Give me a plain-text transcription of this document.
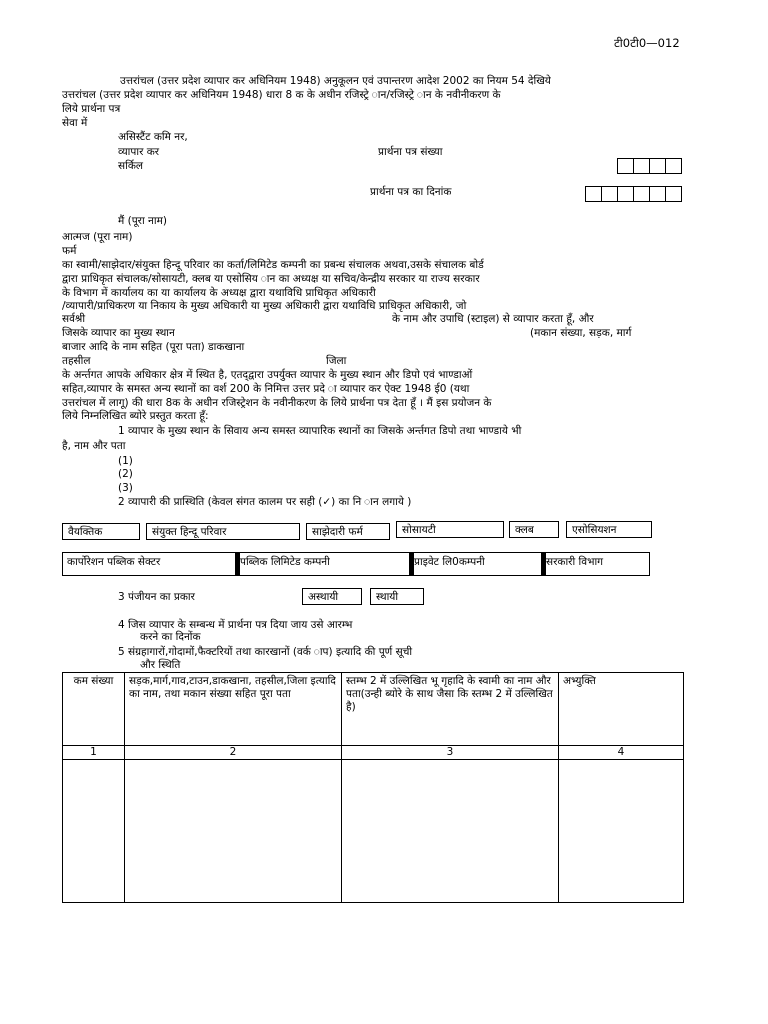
टी0टी0—012
उत्तरांचल (उत्तर प्रदेश व्यापार कर अधिनियम 1948) अनुकूलन एवं उपान्तरण आदेश 2002 का नियम 54 देखिये
उत्तरांचल (उत्तर प्रदेश व्यापार कर अधिनियम 1948) धारा 8 क के अधीन रजिस्ट्रे ान/रजिस्ट्रे ान के नवीनीकरण के
लिये प्रार्थना पत्र
सेवा में
असिस्टैंट कमि नर,
व्यापार कर
सर्किल
प्रार्थना पत्र संख्या
प्रार्थना पत्र का दिनांक
मैं (पूरा नाम)
आत्मज (पूरा नाम)
फर्म
का स्वामी/साझेदार/संयुक्त हिन्दू परिवार का कर्ता/लिमिटेड कम्पनी का प्रबन्ध संचालक अथवा,उसके संचालक बोर्ड
द्वारा प्राधिकृत संचालक/सोसायटी, क्लब या एसोसिय ान का अध्यक्ष या सचिव/केन्द्रीय सरकार या राज्य सरकार
के विभाग में कार्यालय का या कार्यालय के अध्यक्ष द्वारा यथाविधि प्राधिकृत अधिकारी
/व्यापारी/प्राधिकरण या निकाय के मुख्य अधिकारी या मुख्य अधिकारी द्वारा यथाविधि प्राधिकृत अधिकारी, जो
सर्वश्री	के नाम और उपाधि (स्टाइल) से व्यापार करता हूँ, और
जिसके व्यापार का मुख्य स्थान	(मकान संख्या, सड़क, मार्ग
बाजार आदि के नाम सहित (पूरा पता) डाकखाना
तहसील	जिला
के अर्न्तगत आपके अधिकार क्षेत्र में स्थित है, एतद्‌द्वारा उपर्युक्त व्यापार के मुख्य स्थान और डिपो एवं भाण्डाओं
सहित,व्यापार के समस्त अन्य स्थानों का वर्श 200 के निमित्त उत्तर प्रदे ा व्यापार कर ऐक्ट 1948 ई0 (यथा
उत्तरांचल में लागू) की धारा 8क के अधीन रजिस्ट्रेशन के नवीनीकरण के लिये प्रार्थना पत्र देता हूँ । मैं इस प्रयोजन के
लिये निम्नलिखित ब्योरे प्रस्तुत करता हूँ:
1 व्यापार के मुख्य स्थान के सिवाय अन्य समस्त व्यापारिक स्थानों का जिसके अर्न्तगत डिपो तथा भाण्डाये भी
है, नाम और पता
(1)
(2)
(3)
2 व्यापारी की प्रास्थिति (केवल संगत कालम पर सही (✓) का नि ान लगाये )
वैयक्तिक	संयुक्त हिन्दू परिवार	साझेदारी फर्म	सोसायटी	क्लब	एसोसियशन
कार्पोरेशन पब्लिक सेक्टर	पब्लिक लिमिटेड कम्पनी	प्राइवेट लि0कम्पनी	सरकारी विभाग
3 पंजीयन का प्रकार	अस्थायी	स्थायी
4 जिस व्यापार के सम्बन्ध में प्रार्थना पत्र दिया जाय उसे आरम्भ
करने का दिनोंक
5 संग्रहागारों,गोदामों,फैक्टरियों तथा कारखानों (वर्क ाप) इत्यादि की पूर्ण सूची
और स्थिति
कम संख्या	सड़क,मार्ग,गाव,टाउन,डाकखाना, तहसील,जिला इत्यादि का नाम, तथा मकान संख्या सहित पूरा पता	स्तम्भ 2 में उल्लिखित भू गृहादि के स्वामी का नाम और पता(उन्ही ब्योरे के साथ जैसा कि स्तम्भ 2 में उल्लिखित है)	अभ्युक्ति
1	2	3	4
